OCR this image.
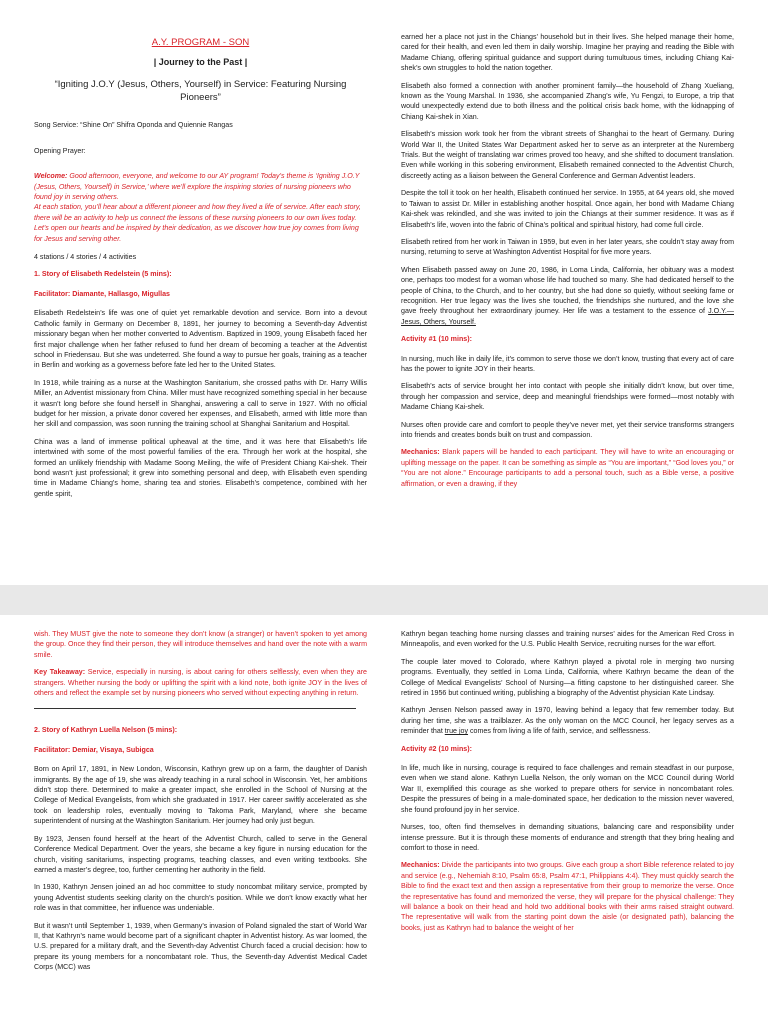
A.Y. PROGRAM - SON
| Journey to the Past |
“Igniting J.O.Y (Jesus, Others, Yourself) in Service: Featuring Nursing Pioneers”

Song Service: “Shine On” Shifra Oponda and Quiennie Rangas

Opening Prayer:

Welcome: Good afternoon, everyone, and welcome to our AY program! Today’s theme is ‘Igniting J.O.Y (Jesus, Others, Yourself) in Service,’ where we’ll explore the inspiring stories of nursing pioneers who found joy in serving others.

At each station, you’ll hear about a different pioneer and how they lived a life of service. After each story, there will be an activity to help us connect the lessons of these nursing pioneers to our own lives today.

Let’s open our hearts and be inspired by their dedication, as we discover how true joy comes from living for Jesus and serving other.

4 stations / 4 stories / 4 activities

1. Story of Elisabeth Redelstein (5 mins):
Facilitator: Diamante, Hallasgo, Migullas

Elisabeth Redelstein’s life was one of quiet yet remarkable devotion and service. Born into a devout Catholic family in Germany on December 8, 1891, her journey to becoming a Seventh-day Adventist missionary began when her mother converted to Adventism. Baptized in 1909, young Elisabeth faced her first major challenge when her father refused to fund her dream of becoming a teacher at the Adventist school in Friedensau. But she was undeterred. She found a way to pursue her goals, training as a teacher in Berlin and working as a governess before fate led her to the United States.

In 1918, while training as a nurse at the Washington Sanitarium, she crossed paths with Dr. Harry Willis Miller, an Adventist missionary from China. Miller must have recognized something special in her because it wasn’t long before she found herself in Shanghai, answering a call to serve in 1927. With no official budget for her mission, a private donor covered her expenses, and Elisabeth, armed with little more than her skill and compassion, was soon running the training school at Shanghai Sanitarium and Hospital.

China was a land of immense political upheaval at the time, and it was here that Elisabeth’s life intertwined with some of the most powerful families of the era. Through her work at the hospital, she formed an unlikely friendship with Madame Soong Meiling, the wife of President Chiang Kai-shek. Their bond wasn’t just professional; it grew into something personal and deep, with Elisabeth even spending time in Madame Chiang’s home, sharing tea and stories. Elisabeth’s competence, combined with her gentle spirit,

earned her a place not just in the Chiangs’ household but in their lives. She helped manage their home, cared for their health, and even led them in daily worship. Imagine her praying and reading the Bible with Madame Chiang, offering spiritual guidance and support during tumultuous times, including Chiang Kai-shek’s own struggles to hold the nation together.

Elisabeth also formed a connection with another prominent family—the household of Zhang Xueliang, known as the Young Marshal. In 1936, she accompanied Zhang’s wife, Yu Fengzi, to Europe, a trip that would unexpectedly extend due to both illness and the political crisis back home, with the kidnapping of Chiang Kai-shek in Xian.

Elisabeth’s mission work took her from the vibrant streets of Shanghai to the heart of Germany. During World War II, the United States War Department asked her to serve as an interpreter at the Nuremberg Trials. But the weight of translating war crimes proved too heavy, and she shifted to document translation. Even while working in this sobering environment, Elisabeth remained connected to the Adventist Church, discreetly acting as a liaison between the General Conference and German Adventist leaders.

Despite the toll it took on her health, Elisabeth continued her service. In 1955, at 64 years old, she moved to Taiwan to assist Dr. Miller in establishing another hospital. Once again, her bond with Madame Chiang Kai-shek was rekindled, and she was invited to join the Chiangs at their summer residence. It was as if Elisabeth’s life, woven into the fabric of China’s political and spiritual history, had come full circle.

Elisabeth retired from her work in Taiwan in 1959, but even in her later years, she couldn’t stay away from nursing, returning to serve at Washington Adventist Hospital for five more years.

When Elisabeth passed away on June 20, 1986, in Loma Linda, California, her obituary was a modest one, perhaps too modest for a woman whose life had touched so many. She had dedicated herself to the people of China, to the Church, and to her country, but she had done so quietly, without seeking fame or recognition. Her true legacy was the lives she touched, the friendships she nurtured, and the love she gave freely throughout her extraordinary journey. Her life was a testament to the essence of J.O.Y.—Jesus, Others, Yourself.

Activity #1 (10 mins):

In nursing, much like in daily life, it’s common to serve those we don’t know, trusting that every act of care has the power to ignite JOY in their hearts.

Elisabeth’s acts of service brought her into contact with people she initially didn’t know, but over time, through her compassion and service, deep and meaningful friendships were formed—most notably with Madame Chiang Kai-shek.

Nurses often provide care and comfort to people they’ve never met, yet their service transforms strangers into friends and creates bonds built on trust and compassion.

Mechanics: Blank papers will be handed to each participant. They will have to write an encouraging or uplifting message on the paper. It can be something as simple as “You are important,” “God loves you,” or “You are not alone.” Encourage participants to add a personal touch, such as a Bible verse, a positive affirmation, or even a drawing, if they

wish. They MUST give the note to someone they don’t know (a stranger) or haven’t spoken to yet among the group. Once they find their person, they will introduce themselves and hand over the note with a warm smile.

Key Takeaway: Service, especially in nursing, is about caring for others selflessly, even when they are strangers. Whether nursing the body or uplifting the spirit with a kind note, both ignite JOY in the lives of others and reflect the example set by nursing pioneers who served without expecting anything in return.

2. Story of Kathryn Luella Nelson (5 mins):
Facilitator: Demiar, Visaya, Subigca

Born on April 17, 1891, in New London, Wisconsin, Kathryn grew up on a farm, the daughter of Danish immigrants. By the age of 19, she was already teaching in a rural school in Wisconsin. Yet, her ambitions didn’t stop there. Determined to make a greater impact, she enrolled in the School of Nursing at the College of Medical Evangelists, from which she graduated in 1917. Her career swiftly accelerated as she took on leadership roles, eventually moving to Takoma Park, Maryland, where she became superintendent of nursing at the Washington Sanitarium. Her journey had only just begun.

By 1923, Jensen found herself at the heart of the Adventist Church, called to serve in the General Conference Medical Department. Over the years, she became a key figure in nursing education for the church, visiting sanitariums, inspecting programs, teaching classes, and even writing textbooks. She earned a master’s degree, too, further cementing her authority in the field.

In 1930, Kathryn Jensen joined an ad hoc committee to study noncombat military service, prompted by young Adventist students seeking clarity on the church’s position. While we don’t know exactly what her role was in that committee, her influence was undeniable.

But it wasn’t until September 1, 1939, when Germany’s invasion of Poland signaled the start of World War II, that Kathryn’s name would become part of a significant chapter in Adventist history. As war loomed, the U.S. prepared for a military draft, and the Seventh-day Adventist Church faced a crucial decision: how to prepare its young members for a noncombatant role. Thus, the Seventh-day Adventist Medical Cadet Corps (MCC) was

Kathryn began teaching home nursing classes and training nurses’ aides for the American Red Cross in Minneapolis, and even worked for the U.S. Public Health Service, recruiting nurses for the war effort.

The couple later moved to Colorado, where Kathryn played a pivotal role in merging two nursing programs. Eventually, they settled in Loma Linda, California, where Kathryn became the dean of the College of Medical Evangelists’ School of Nursing—a fitting capstone to her distinguished career. She retired in 1956 but continued writing, publishing a biography of the Adventist physician Kate Lindsay.

Kathryn Jensen Nelson passed away in 1970, leaving behind a legacy that few remember today. But during her time, she was a trailblazer. As the only woman on the MCC Council, her legacy serves as a reminder that true joy comes from living a life of faith, service, and selflessness.

Activity #2 (10 mins):

In life, much like in nursing, courage is required to face challenges and remain steadfast in our purpose, even when we stand alone. Kathryn Luella Nelson, the only woman on the MCC Council during World War II, exemplified this courage as she worked to prepare others for service in noncombatant roles. Despite the pressures of being in a male-dominated space, her dedication to the mission never wavered, she found profound joy in her service.

Nurses, too, often find themselves in demanding situations, balancing care and responsibility under intense pressure. But it is through these moments of endurance and strength that they bring healing and comfort to those in need.

Mechanics: Divide the participants into two groups. Give each group a short Bible reference related to joy and service (e.g., Nehemiah 8:10, Psalm 65:8, Psalm 47:1, Philippians 4:4). They must quickly search the Bible to find the exact text and then assign a representative from their group to memorize the verse. Once the representative has found and memorized the verse, they will prepare for the physical challenge: They will balance a book on their head and hold two additional books with their arms raised straight outward. The representative will walk from the starting point down the aisle (or designated path), balancing the books, just as Kathryn had to balance the weight of her
